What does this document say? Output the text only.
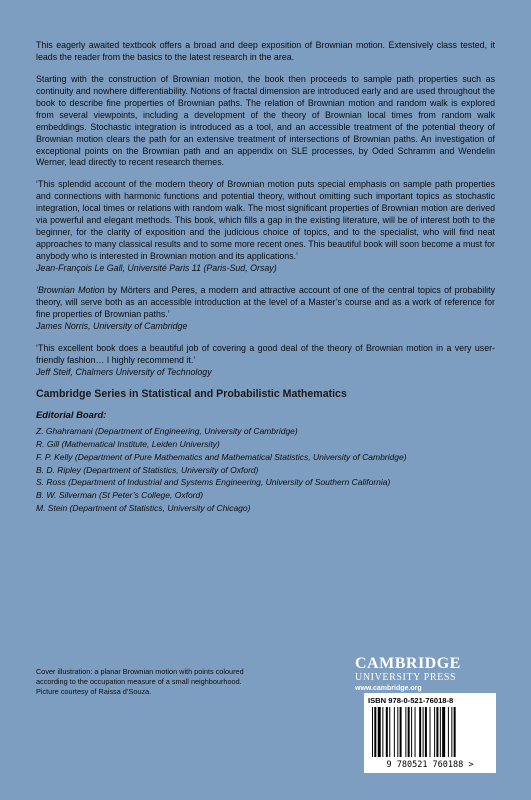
This eagerly awaited textbook offers a broad and deep exposition of Brownian motion. Extensively class tested, it leads the reader from the basics to the latest research in the area.

Starting with the construction of Brownian motion, the book then proceeds to sample path properties such as continuity and nowhere differentiability. Notions of fractal dimension are introduced early and are used throughout the book to describe fine properties of Brownian paths. The relation of Brownian motion and random walk is explored from several viewpoints, including a development of the theory of Brownian local times from random walk embeddings. Stochastic integration is introduced as a tool, and an accessible treatment of the potential theory of Brownian motion clears the path for an extensive treatment of intersections of Brownian paths. An investigation of exceptional points on the Brownian path and an appendix on SLE processes, by Oded Schramm and Wendelin Werner, lead directly to recent research themes.

‘This splendid account of the modern theory of Brownian motion puts special emphasis on sample path properties and connections with harmonic functions and potential theory, without omitting such important topics as stochastic integration, local times or relations with random walk. The most significant properties of Brownian motion are derived via powerful and elegant methods. This book, which fills a gap in the existing literature, will be of interest both to the beginner, for the clarity of exposition and the judicious choice of topics, and to the specialist, who will find neat approaches to many classical results and to some more recent ones. This beautiful book will soon become a must for anybody who is interested in Brownian motion and its applications.’

Jean-François Le Gall, Université Paris 11 (Paris-Sud, Orsay)

‘Brownian Motion by Mörters and Peres, a modern and attractive account of one of the central topics of probability theory, will serve both as an accessible introduction at the level of a Master’s course and as a work of reference for fine properties of Brownian paths.’

James Norris, University of Cambridge

‘This excellent book does a beautiful job of covering a good deal of the theory of Brownian motion in a very user-friendly fashion… I highly recommend it.’

Jeff Steif, Chalmers University of Technology

Cambridge Series in Statistical and Probabilistic Mathematics
Editorial Board:
Z. Ghahramani (Department of Engineering, University of Cambridge)
R. Gill (Mathematical Institute, Leiden University)
F. P. Kelly (Department of Pure Mathematics and Mathematical Statistics, University of Cambridge)
B. D. Ripley (Department of Statistics, University of Oxford)
S. Ross (Department of Industrial and Systems Engineering, University of Southern California)
B. W. Silverman (St Peter’s College, Oxford)
M. Stein (Department of Statistics, University of Chicago)
Cover illustration: a planar Brownian motion with points coloured
according to the occupation measure of a small neighbourhood.
Picture courtesy of Raissa d’Souza.
CAMBRIDGE
UNIVERSITY PRESS
www.cambridge.org
ISBN 978-0-521-76018-8
9 780521 760188 >
